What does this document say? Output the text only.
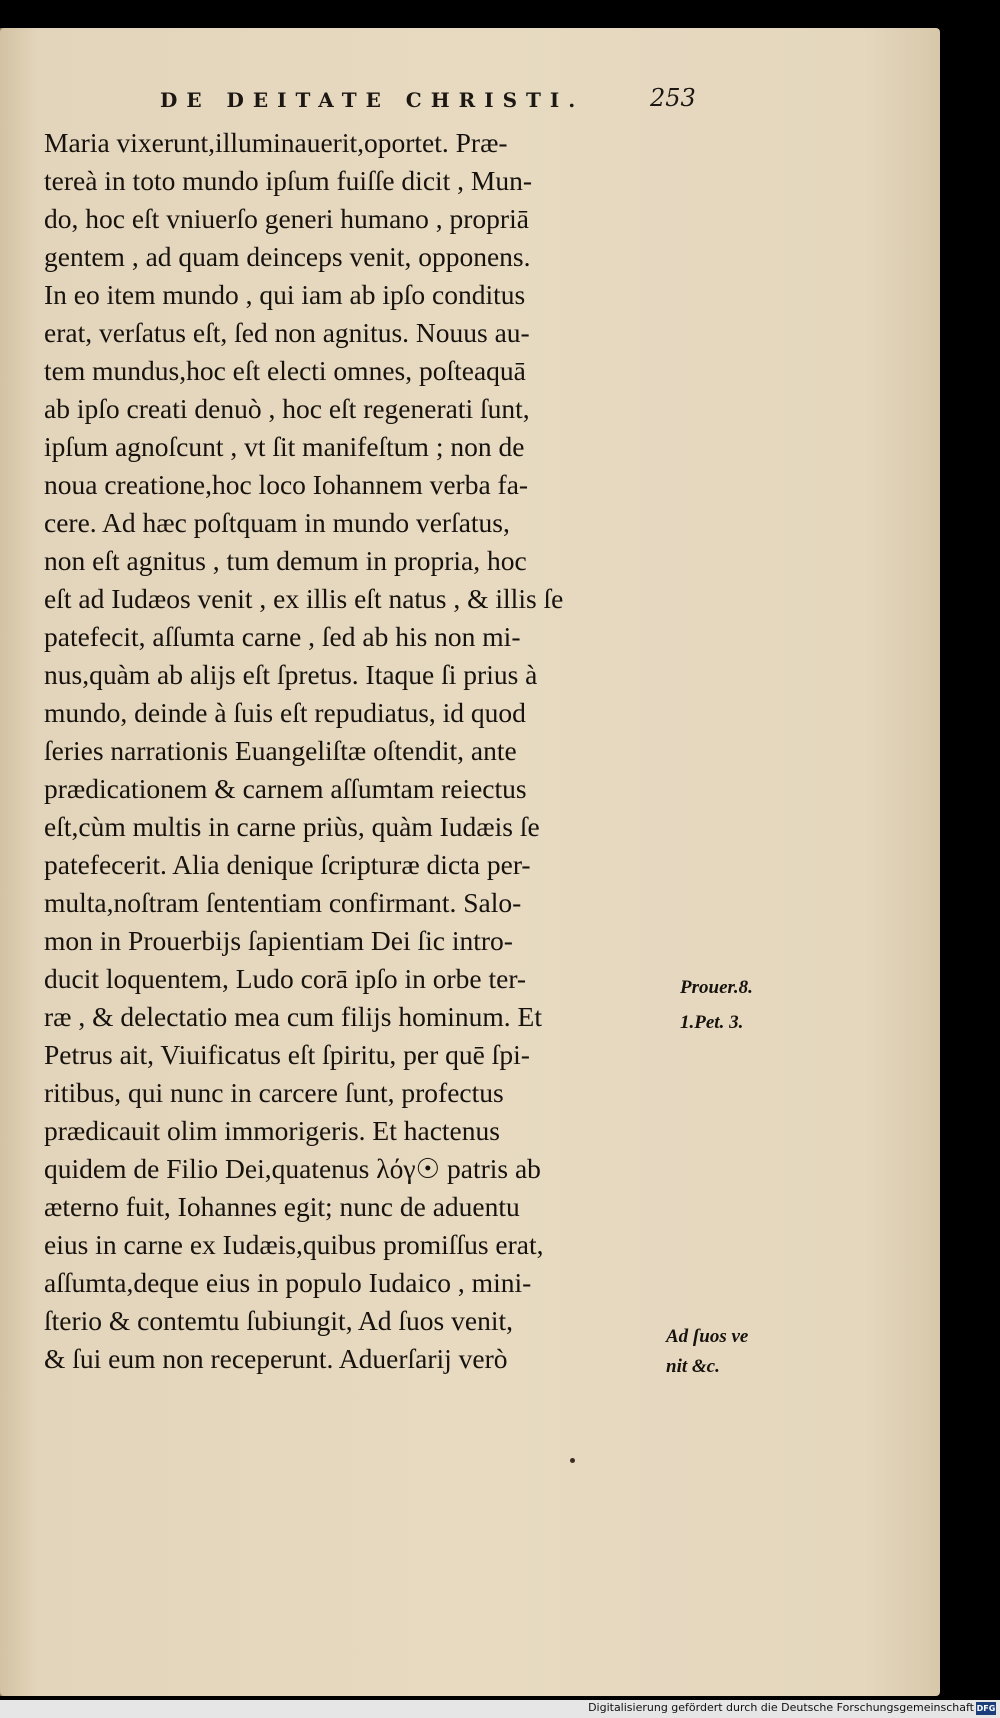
DE DEITATE CHRISTI.	253
Maria vixerunt,illuminauerit,oportet. Præ-
tereà in toto mundo ipſum fuiſſe dicit , Mun-
do, hoc eſt vniuerſo generi humano , propriā
gentem , ad quam deinceps venit, opponens.
In eo item mundo , qui iam ab ipſo conditus
erat, verſatus eſt, ſed non agnitus. Nouus au-
tem mundus,hoc eſt electi omnes, poſteaquā
ab ipſo creati denuò , hoc eſt regenerati ſunt,
ipſum agnoſcunt , vt ſit manifeſtum ; non de
noua creatione,hoc loco Iohannem verba fa-
cere. Ad hæc poſtquam in mundo verſatus,
non eſt agnitus , tum demum in propria, hoc
eſt ad Iudæos venit , ex illis eſt natus , & illis ſe
patefecit, aſſumta carne , ſed ab his non mi-
nus,quàm ab alijs eſt ſpretus. Itaque ſi prius à
mundo, deinde à ſuis eſt repudiatus, id quod
ſeries narrationis Euangeliſtæ oſtendit, ante
prædicationem & carnem aſſumtam reiectus
eſt,cùm multis in carne priùs, quàm Iudæis ſe
patefecerit. Alia denique ſcripturæ dicta per-
multa,noſtram ſententiam confirmant. Salo-
mon in Prouerbijs ſapientiam Dei ſic intro-
ducit loquentem, Ludo corā ipſo in orbe ter-
ræ , & delectatio mea cum filijs hominum. Et
Petrus ait, Viuificatus eſt ſpiritu, per quē ſpi-
ritibus, qui nunc in carcere ſunt, profectus
prædicauit olim immorigeris. Et hactenus
quidem de Filio Dei,quatenus λόγ☉ patris ab
æterno fuit, Iohannes egit; nunc de aduentu
eius in carne ex Iudæis,quibus promiſſus erat,
aſſumta,deque eius in populo Iudaico , mini-
ſterio & contemtu ſubiungit, Ad ſuos venit,
& ſui eum non receperunt. Aduerſarij verò
Prouer.8.
1.Pet. 3.
Ad ſuos ve
nit &c.
Digitalisierung gefördert durch die Deutsche Forschungsgemeinschaft DFG
